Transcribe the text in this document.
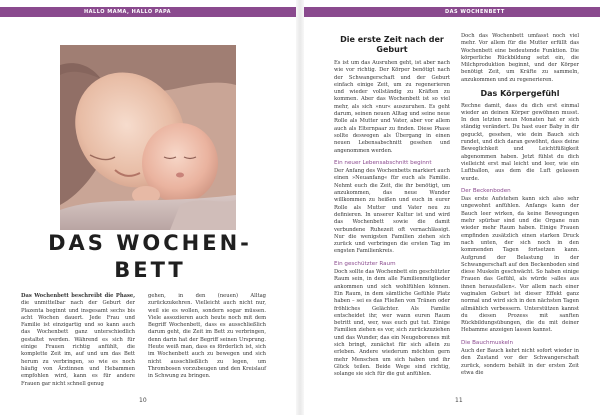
HALLO MAMA, HALLO PAPA	DAS WOCHENBETT
DAS WOCHEN-
BETT

Das Wochenbett beschreibt die Phase, die unmittelbar nach der Geburt der Plazenta beginnt und insgesamt sechs bis acht Wochen dauert. Jede Frau und Familie ist einzigartig und so kann auch das Wochenbett ganz unterschiedlich gestaltet werden. Während es sich für einige Frauen richtig anfühlt, die komplette Zeit im, auf und um das Bett herum zu verbringen, so wie es noch häufig von Ärztinnen und Hebammen empfohlen wird, kann es für andere Frauen gar nicht schnell genug

gehen, in den (neuen) Alltag zurückzukehren. Vielleicht auch nicht nur, weil sie es wollen, sondern sogar müssen. Viele assoziieren auch heute noch mit dem Begriff Wochenbett, dass es ausschließlich darum geht, die Zeit im Bett zu verbringen, denn darin hat der Begriff seinen Ursprung. Heute weiß man, dass es förderlich ist, sich im Wochenbett auch zu bewegen und sich nicht ausschließlich zu legen, um Thrombosen vorzubeugen und den Kreislauf in Schwung zu bringen.

10
Die erste Zeit nach der Geburt

Es ist um das Ausruhen geht, ist aber nach wie vor richtig. Der Körper benötigt nach der Schwangerschaft und der Geburt einfach einige Zeit, um zu regenerieren und wieder vollständig zu Kräften zu kommen. Aber das Wochenbett ist so viel mehr, als sich »nur« auszuruhen. Es geht darum, seinen neuen Alltag und seine neue Rolle als Mutter und Vater, aber vor allem auch als Elternpaar zu finden. Diese Phase sollte deswegen als Übergang in einen neuen Lebensabschnitt gesehen und angenommen werden.

Ein neuer Lebensabschnitt beginnt

Der Anfang des Wochenbetts markiert auch einen »Neuanfang« für euch als Familie. Nehmt euch die Zeit, die ihr benötigt, um anzukommen, das neue Wunder willkommen zu heißen und euch in eurer Rolle als Mutter und Vater neu zu definieren. In unserer Kultur ist und wird das Wochenbett sowie die damit verbundene Ruhezeit oft vernachlässigt. Nur die wenigsten Familien ziehen sich zurück und verbringen die ersten Tag im engsten Familienkreis.

Ein geschützter Raum

Doch sollte das Wochenbett ein geschützter Raum sein, in dem alle Familienmitglieder ankommen und sich wohlfühlen können. Ein Raum, in dem sämtliche Gefühle Platz haben – sei es das Fließen von Tränen oder fröhliches Gelächter. Als Familie entscheidet ihr, wer wann euren Raum betritt und, wer, was euch gut tut. Einige Familien ziehen es vor, sich zurückzuziehen und das Wunder, das ein Neugeborenes mit sich bringt, zunächst für sich allein zu erleben. Andere wiederum möchten gern mehr Menschen um sich haben und ihr Glück teilen. Beide Wege sind richtig, solange sie sich für die gut anfühlen.

Doch das Wochenbett umfasst noch viel mehr. Vor allem für die Mutter erfüllt das Wochenbett eine bedeutende Funktion. Die körperliche Rückbildung setzt ein, die Milchproduktion beginnt, und der Körper benötigt Zeit, um Kräfte zu sammeln, anzukommen und zu regenerieren.

Das Körpergefühl

Rechne damit, dass du dich erst einmal wieder an deinen Körper gewöhnen musst. In den letzten neun Monaten hat er sich ständig verändert. Du hast euer Baby in dir geguckt, gesehen, wie dein Bauch sich rundet, und dich daran gewöhnt, dass deine Beweglichkeit und Leichtfüßigkeit abgenommen haben. Jetzt fühlst du dich vielleicht erst mal leicht und leer, wie ein Luftballon, aus dem die Luft gelassen wurde.

Der Beckenboden

Das erste Aufstehen kann sich also sehr ungewohnt anfühlen. Anfangs kann der Bauch leer wirken, da keine Bewegungen mehr spürbar sind und die Organe nun wieder mehr Raum haben. Einige Frauen empfinden zusätzlich einen starken Druck nach unten, der sich noch in den kommenden Tagen fortsetzen kann. Aufgrund der Belastung in der Schwangerschaft auf den Beckenboden sind diese Muskeln geschwächt. So haben einige Frauen das Gefühl, als würde »alles aus ihnen herausfallen«. Vor allem nach einer vaginalen Geburt ist dieser Effekt ganz normal und wird sich in den nächsten Tagen allmählich verbessern. Unterstützen kannst du diesen Prozess mit sanften Rückbildungsübungen, die du mit deiner Hebamme anzeigen lassen kannst.

Die Bauchmuskeln

Auch der Bauch kehrt nicht sofort wieder in den Zustand vor der Schwangerschaft zurück, sondern behält in der ersten Zeit etwa die

11
